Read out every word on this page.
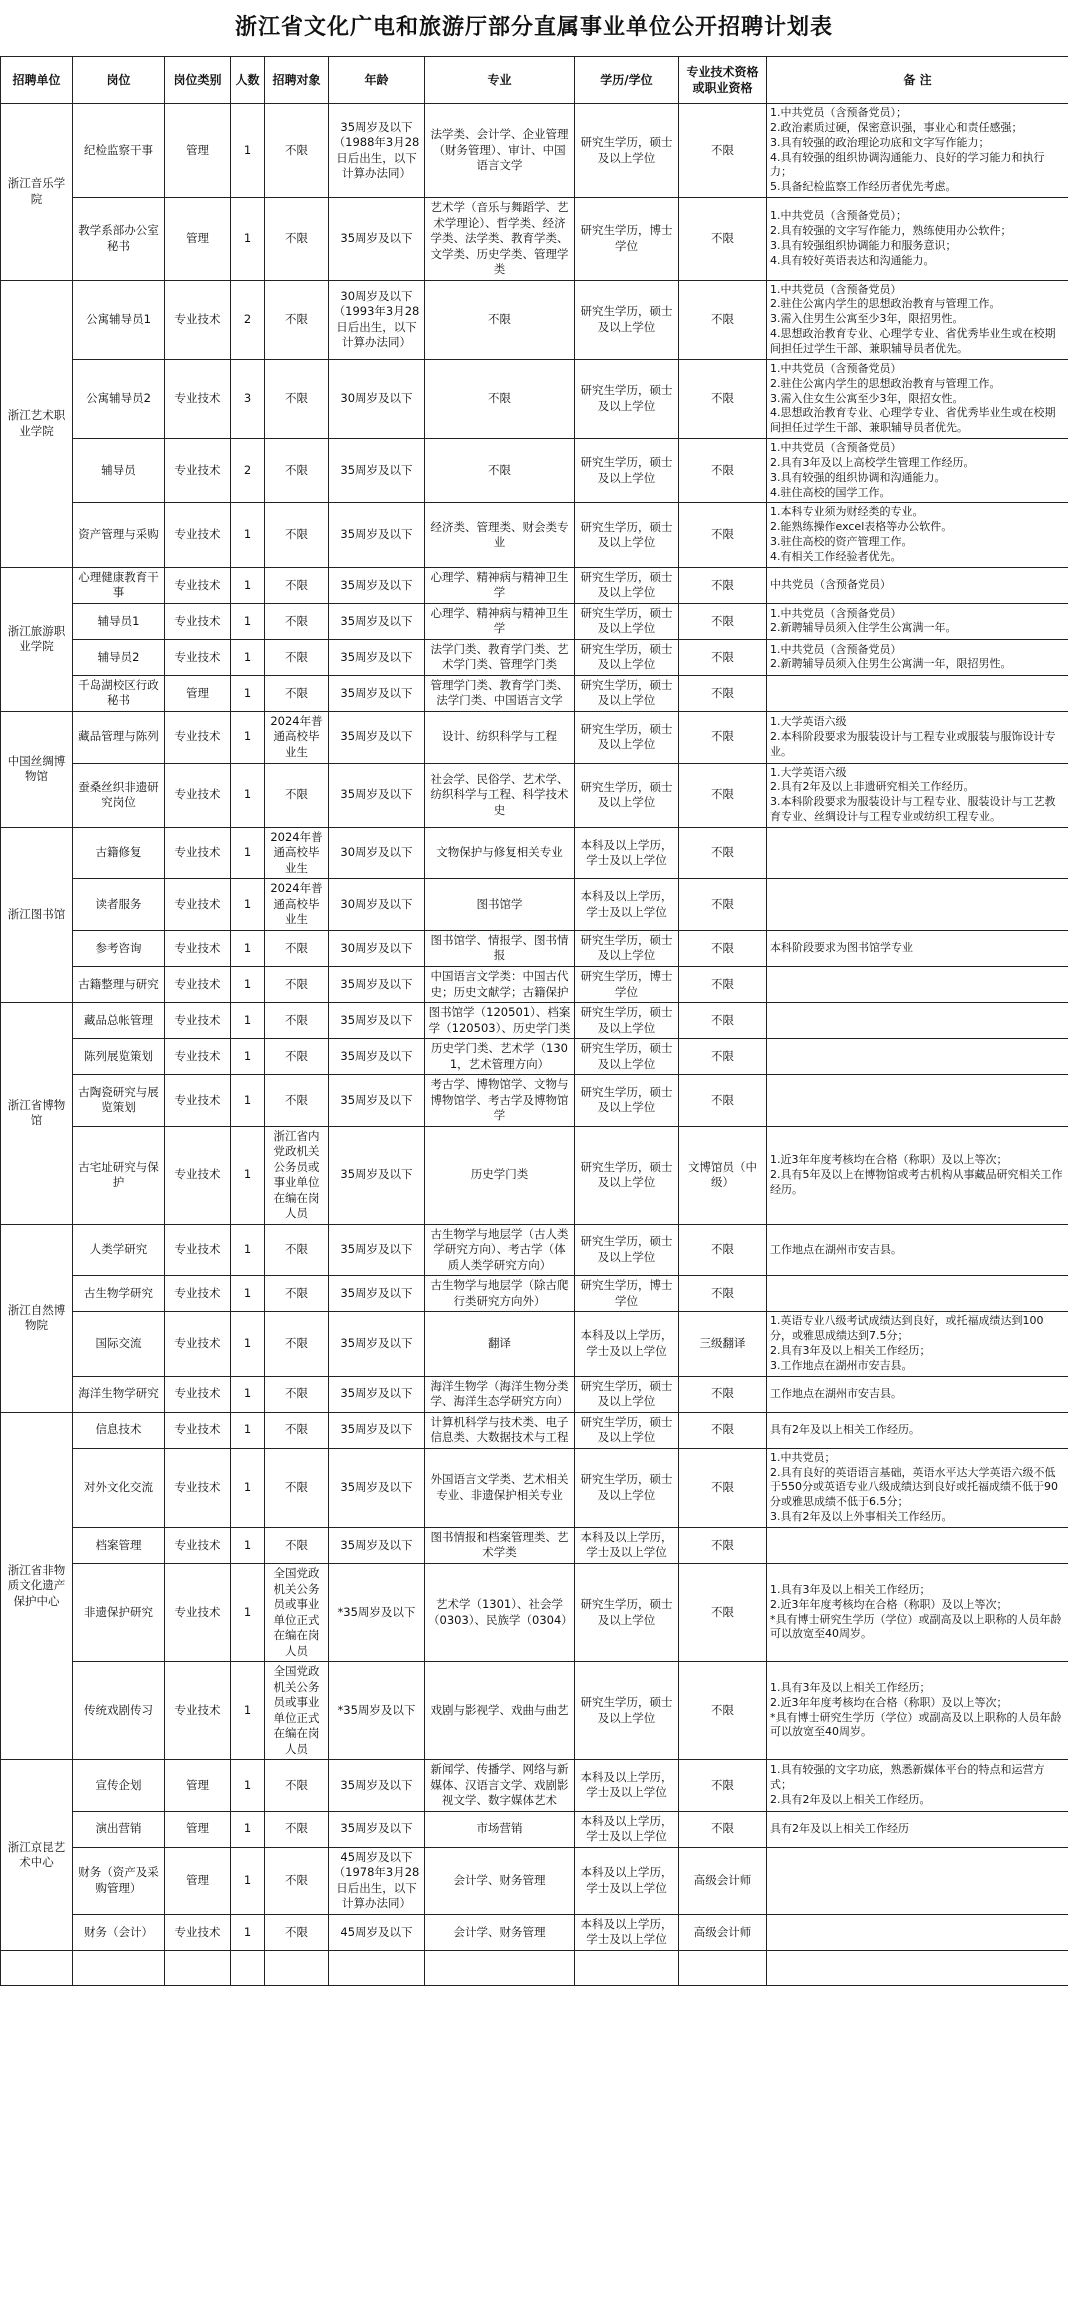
浙江省文化广电和旅游厅部分直属事业单位公开招聘计划表
招聘单位	岗位	岗位类别	人数	招聘对象	年龄	专业	学历/学位	专业技术资格或职业资格	备 注
浙江音乐学院	纪检监察干事	管理	1	不限	35周岁及以下（1988年3月28日后出生，以下计算办法同）	法学类、会计学、企业管理（财务管理）、审计、中国语言文学	研究生学历，硕士及以上学位	不限	1.中共党员（含预备党员）；
2.政治素质过硬，保密意识强，事业心和责任感强；
3.具有较强的政治理论功底和文字写作能力；
4.具有较强的组织协调沟通能力、良好的学习能力和执行力；
5.具备纪检监察工作经历者优先考虑。
	教学系部办公室秘书	管理	1	不限	35周岁及以下	艺术学（音乐与舞蹈学、艺术学理论）、哲学类、经济学类、法学类、教育学类、文学类、历史学类、管理学类	研究生学历，博士学位	不限	1.中共党员（含预备党员）；
2.具有较强的文字写作能力，熟练使用办公软件；
3.具有较强组织协调能力和服务意识；
4.具有较好英语表达和沟通能力。
浙江艺术职业学院	公寓辅导员1	专业技术	2	不限	30周岁及以下（1993年3月28日后出生，以下计算办法同）	不限	研究生学历，硕士及以上学位	不限	1.中共党员（含预备党员）
2.驻住公寓内学生的思想政治教育与管理工作。
3.需入住男生公寓至少3年，限招男性。
4.思想政治教育专业、心理学专业、省优秀毕业生或在校期间担任过学生干部、兼职辅导员者优先。
	公寓辅导员2	专业技术	3	不限	30周岁及以下	不限	研究生学历，硕士及以上学位	不限	1.中共党员（含预备党员）
2.驻住公寓内学生的思想政治教育与管理工作。
3.需入住女生公寓至少3年，限招女性。
4.思想政治教育专业、心理学专业、省优秀毕业生或在校期间担任过学生干部、兼职辅导员者优先。
	辅导员	专业技术	2	不限	35周岁及以下	不限	研究生学历，硕士及以上学位	不限	1.中共党员（含预备党员）
2.具有3年及以上高校学生管理工作经历。
3.具有较强的组织协调和沟通能力。
4.驻住高校的国学工作。
	资产管理与采购	专业技术	1	不限	35周岁及以下	经济类、管理类、财会类专业	研究生学历，硕士及以上学位	不限	1.本科专业须为财经类的专业。
2.能熟练操作excel表格等办公软件。
3.驻住高校的资产管理工作。
4.有相关工作经验者优先。
浙江旅游职业学院	心理健康教育干事	专业技术	1	不限	35周岁及以下	心理学、精神病与精神卫生学	研究生学历，硕士及以上学位	不限	中共党员（含预备党员）
	辅导员1	专业技术	1	不限	35周岁及以下	心理学、精神病与精神卫生学	研究生学历，硕士及以上学位	不限	1.中共党员（含预备党员）
2.新聘辅导员须入住学生公寓满一年。
	辅导员2	专业技术	1	不限	35周岁及以下	法学门类、教育学门类、艺术学门类、管理学门类	研究生学历，硕士及以上学位	不限	1.中共党员（含预备党员）
2.新聘辅导员须入住男生公寓满一年，限招男性。
	千岛湖校区行政秘书	管理	1	不限	35周岁及以下	管理学门类、教育学门类、法学门类、中国语言文学	研究生学历，硕士及以上学位	不限	
中国丝绸博物馆	藏品管理与陈列	专业技术	1	2024年普通高校毕业生	35周岁及以下	设计、纺织科学与工程	研究生学历，硕士及以上学位	不限	1.大学英语六级
2.本科阶段要求为服装设计与工程专业或服装与服饰设计专业。
	蚕桑丝织非遗研究岗位	专业技术	1	不限	35周岁及以下	社会学、民俗学、艺术学、纺织科学与工程、科学技术史	研究生学历，硕士及以上学位	不限	1.大学英语六级
2.具有2年及以上非遗研究相关工作经历。
3.本科阶段要求为服装设计与工程专业、服装设计与工艺教育专业、丝绸设计与工程专业或纺织工程专业。
浙江图书馆	古籍修复	专业技术	1	2024年普通高校毕业生	30周岁及以下	文物保护与修复相关专业	本科及以上学历，学士及以上学位	不限	
	读者服务	专业技术	1	2024年普通高校毕业生	30周岁及以下	图书馆学	本科及以上学历，学士及以上学位	不限	
	参考咨询	专业技术	1	不限	30周岁及以下	图书馆学、情报学、图书情报	研究生学历，硕士及以上学位	不限	本科阶段要求为图书馆学专业
	古籍整理与研究	专业技术	1	不限	35周岁及以下	中国语言文学类：中国古代史；历史文献学；古籍保护	研究生学历，博士学位	不限	
浙江省博物馆	藏品总帐管理	专业技术	1	不限	35周岁及以下	图书馆学（120501）、档案学（120503）、历史学门类	研究生学历，硕士及以上学位	不限	
	陈列展览策划	专业技术	1	不限	35周岁及以下	历史学门类、艺术学（1301，艺术管理方向）	研究生学历，硕士及以上学位	不限	
	古陶瓷研究与展览策划	专业技术	1	不限	35周岁及以下	考古学、博物馆学、文物与博物馆学、考古学及博物馆学	研究生学历，硕士及以上学位	不限	
	古宅址研究与保护	专业技术	1	浙江省内党政机关公务员或事业单位在编在岗人员	35周岁及以下	历史学门类	研究生学历，硕士及以上学位	文博馆员（中级）	1.近3年年度考核均在合格（称职）及以上等次；
2.具有5年及以上在博物馆或考古机构从事藏品研究相关工作经历。
浙江自然博物院	人类学研究	专业技术	1	不限	35周岁及以下	古生物学与地层学（古人类学研究方向）、考古学（体质人类学研究方向）	研究生学历，硕士及以上学位	不限	工作地点在湖州市安吉县。
	古生物学研究	专业技术	1	不限	35周岁及以下	古生物学与地层学（除古爬行类研究方向外）	研究生学历，博士学位	不限	
	国际交流	专业技术	1	不限	35周岁及以下	翻译	本科及以上学历，学士及以上学位	三级翻译	1.英语专业八级考试成绩达到良好，或托福成绩达到100分，或雅思成绩达到7.5分；
2.具有3年及以上相关工作经历；
3.工作地点在湖州市安吉县。
	海洋生物学研究	专业技术	1	不限	35周岁及以下	海洋生物学（海洋生物分类学、海洋生态学研究方向）	研究生学历，硕士及以上学位	不限	工作地点在湖州市安吉县。
浙江省非物质文化遗产保护中心	信息技术	专业技术	1	不限	35周岁及以下	计算机科学与技术类、电子信息类、大数据技术与工程	研究生学历，硕士及以上学位	不限	具有2年及以上相关工作经历。
	对外文化交流	专业技术	1	不限	35周岁及以下	外国语言文学类、艺术相关专业、非遗保护相关专业	研究生学历，硕士及以上学位	不限	1.中共党员；
2.具有良好的英语语言基础，英语水平达大学英语六级不低于550分或英语专业八级成绩达到良好或托福成绩不低于90分或雅思成绩不低于6.5分；
3.具有2年及以上外事相关工作经历。
	档案管理	专业技术	1	不限	35周岁及以下	图书情报和档案管理类、艺术学类	本科及以上学历，学士及以上学位	不限	
	非遗保护研究	专业技术	1	全国党政机关公务员或事业单位正式在编在岗人员	*35周岁及以下	艺术学（1301）、社会学（0303）、民族学（0304）	研究生学历，硕士及以上学位	不限	1.具有3年及以上相关工作经历；
2.近3年年度考核均在合格（称职）及以上等次；
*具有博士研究生学历（学位）或副高及以上职称的人员年龄可以放宽至40周岁。
	传统戏剧传习	专业技术	1	全国党政机关公务员或事业单位正式在编在岗人员	*35周岁及以下	戏剧与影视学、戏曲与曲艺	研究生学历，硕士及以上学位	不限	1.具有3年及以上相关工作经历；
2.近3年年度考核均在合格（称职）及以上等次；
*具有博士研究生学历（学位）或副高及以上职称的人员年龄可以放宽至40周岁。
浙江京昆艺术中心	宣传企划	管理	1	不限	35周岁及以下	新闻学、传播学、网络与新媒体、汉语言文学、戏剧影视文学、数字媒体艺术	本科及以上学历，学士及以上学位	不限	1.具有较强的文字功底，熟悉新媒体平台的特点和运营方式；
2.具有2年及以上相关工作经历。
	演出营销	管理	1	不限	35周岁及以下	市场营销	本科及以上学历，学士及以上学位	不限	具有2年及以上相关工作经历
	财务（资产及采购管理）	管理	1	不限	45周岁及以下（1978年3月28日后出生，以下计算办法同）	会计学、财务管理	本科及以上学历，学士及以上学位	高级会计师	
	财务（会计）	专业技术	1	不限	45周岁及以下	会计学、财务管理	本科及以上学历，学士及以上学位	高级会计师	
